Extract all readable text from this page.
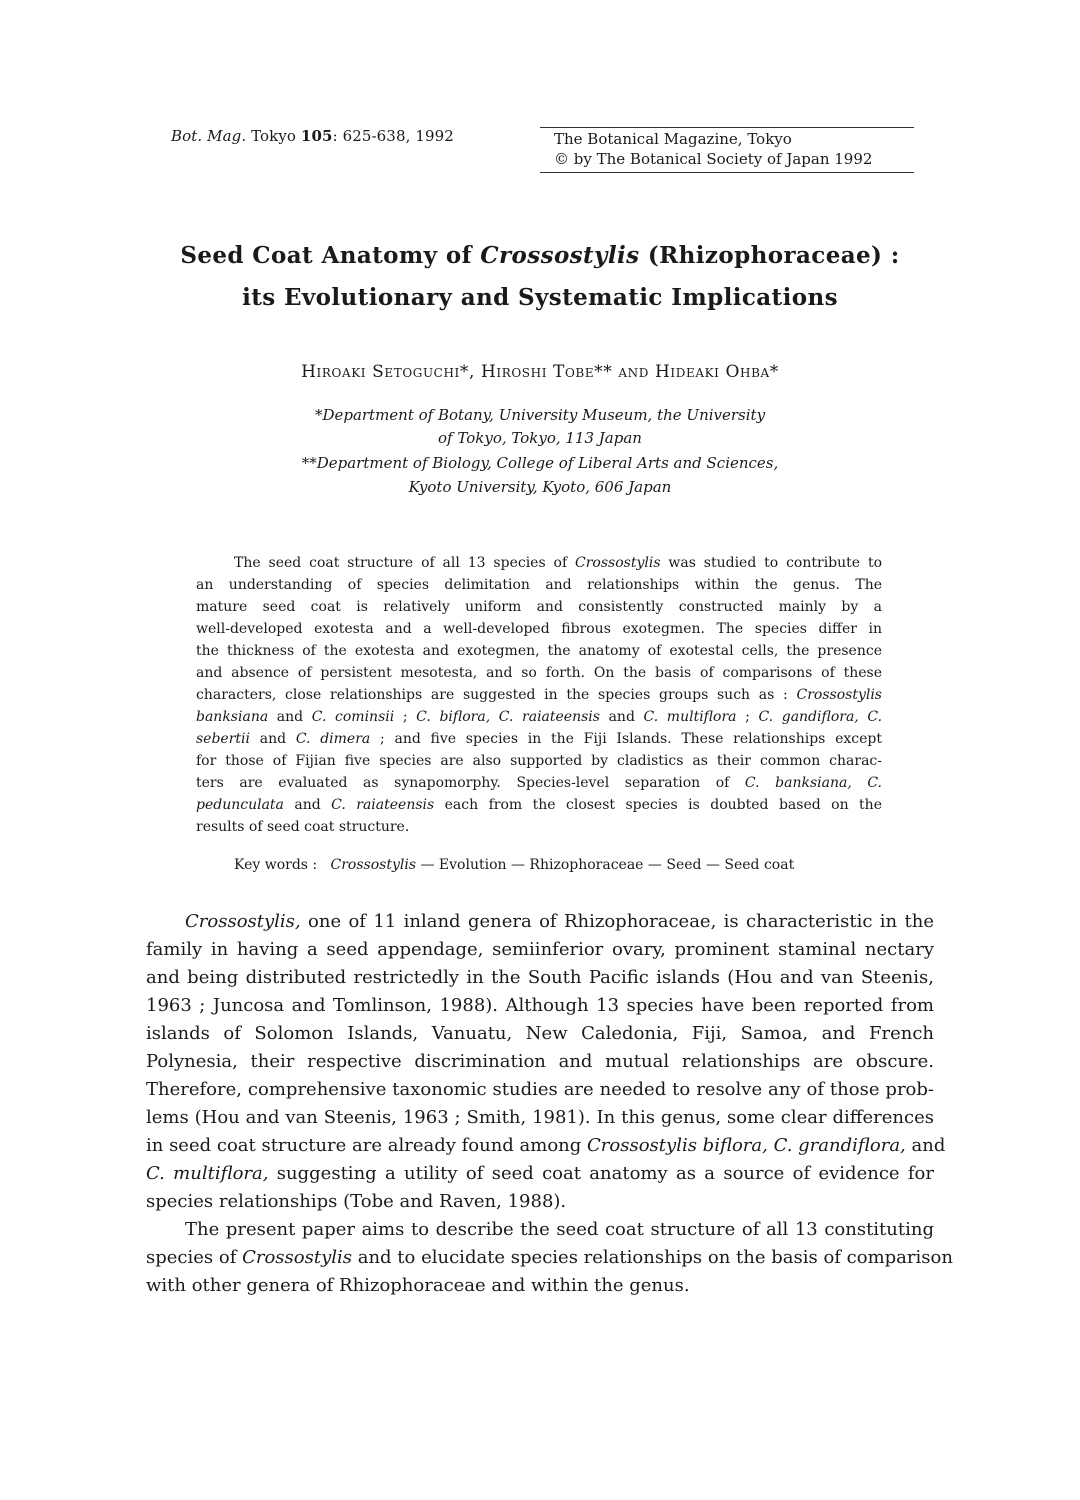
Bot. Mag. Tokyo 105: 625-638, 1992	The Botanical Magazine, Tokyo
© by The Botanical Society of Japan 1992
Seed Coat Anatomy of Crossostylis (Rhizophoraceae) :
its Evolutionary and Systematic Implications
Hiroaki Setoguchi*, Hiroshi Tobe** and Hideaki Ohba*
*Department of Botany, University Museum, the University
of Tokyo, Tokyo, 113 Japan
**Department of Biology, College of Liberal Arts and Sciences,
Kyoto University, Kyoto, 606 Japan
The seed coat structure of all 13 species of Crossostylis was studied to contribute to
an understanding of species delimitation and relationships within the genus. The
mature seed coat is relatively uniform and consistently constructed mainly by a
well-developed exotesta and a well-developed fibrous exotegmen. The species differ in
the thickness of the exotesta and exotegmen, the anatomy of exotestal cells, the presence
and absence of persistent mesotesta, and so forth. On the basis of comparisons of these
characters, close relationships are suggested in the species groups such as : Crossostylis
banksiana and C. cominsii ; C. biflora, C. raiateensis and C. multiflora ; C. gandiflora, C.
sebertii and C. dimera ; and five species in the Fiji Islands. These relationships except
for those of Fijian five species are also supported by cladistics as their common charac-
ters are evaluated as synapomorphy. Species-level separation of C. banksiana, C.
pedunculata and C. raiateensis each from the closest species is doubted based on the
results of seed coat structure.
Key words : Crossostylis — Evolution — Rhizophoraceae — Seed — Seed coat
Crossostylis, one of 11 inland genera of Rhizophoraceae, is characteristic in the
family in having a seed appendage, semiinferior ovary, prominent staminal nectary
and being distributed restrictedly in the South Pacific islands (Hou and van Steenis,
1963 ; Juncosa and Tomlinson, 1988). Although 13 species have been reported from
islands of Solomon Islands, Vanuatu, New Caledonia, Fiji, Samoa, and French
Polynesia, their respective discrimination and mutual relationships are obscure.
Therefore, comprehensive taxonomic studies are needed to resolve any of those prob-
lems (Hou and van Steenis, 1963 ; Smith, 1981). In this genus, some clear differences
in seed coat structure are already found among Crossostylis biflora, C. grandiflora, and
C. multiflora, suggesting a utility of seed coat anatomy as a source of evidence for
species relationships (Tobe and Raven, 1988).
The present paper aims to describe the seed coat structure of all 13 constituting
species of Crossostylis and to elucidate species relationships on the basis of comparison
with other genera of Rhizophoraceae and within the genus.
